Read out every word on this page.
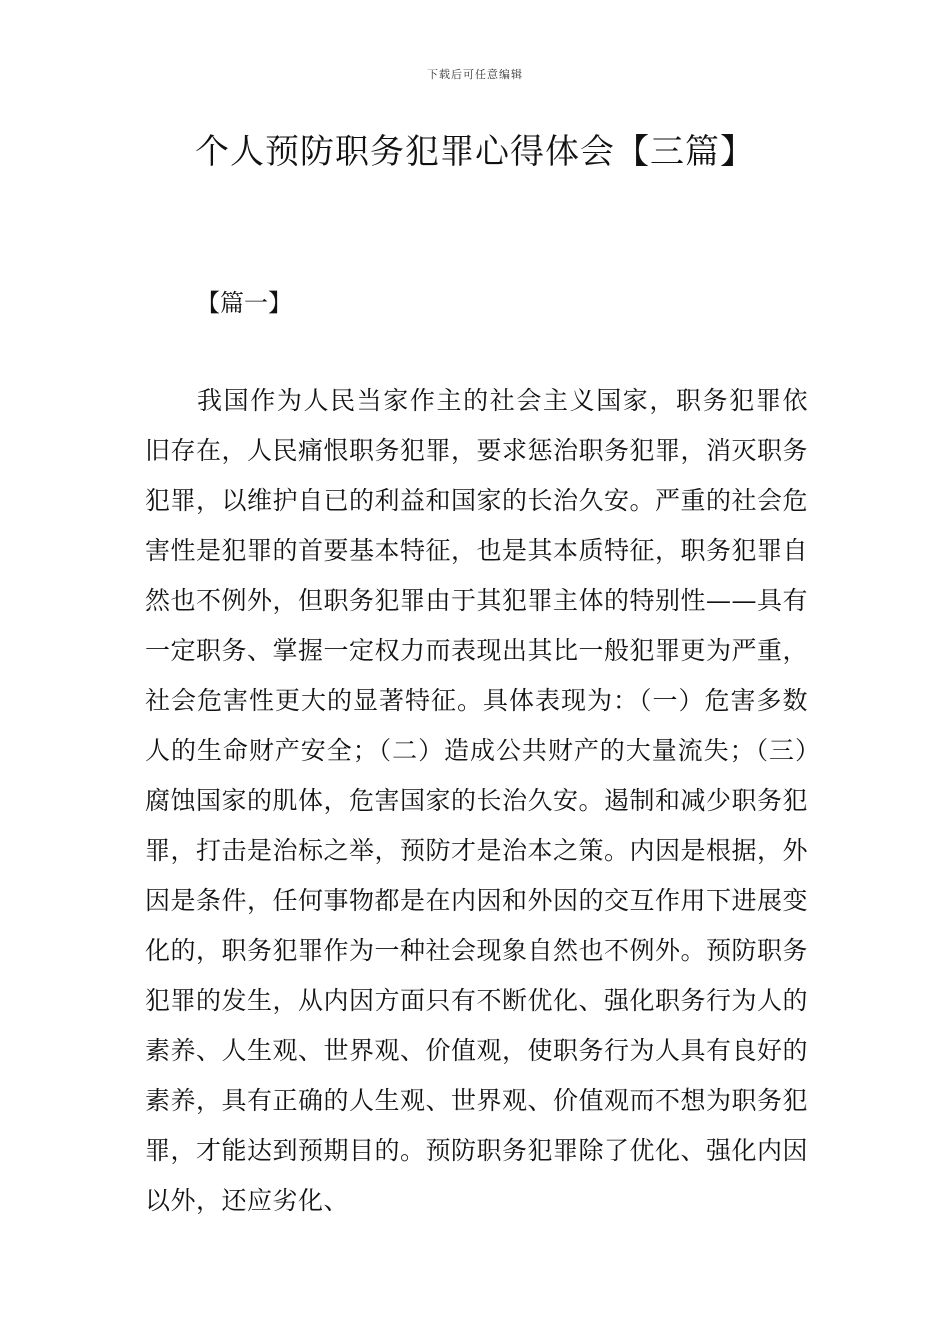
下载后可任意编辑
个人预防职务犯罪心得体会【三篇】
【篇一】

我国作为人民当家作主的社会主义国家，职务犯罪依旧存在，人民痛恨职务犯罪，要求惩治职务犯罪，消灭职务犯罪，以维护自已的利益和国家的长治久安。严重的社会危害性是犯罪的首要基本特征，也是其本质特征，职务犯罪自然也不例外，但职务犯罪由于其犯罪主体的特别性——具有一定职务、掌握一定权力而表现出其比一般犯罪更为严重，社会危害性更大的显著特征。具体表现为：（一）危害多数人的生命财产安全；（二）造成公共财产的大量流失；（三）腐蚀国家的肌体，危害国家的长治久安。遏制和减少职务犯罪，打击是治标之举，预防才是治本之策。内因是根据，外因是条件，任何事物都是在内因和外因的交互作用下进展变化的，职务犯罪作为一种社会现象自然也不例外。预防职务犯罪的发生，从内因方面只有不断优化、强化职务行为人的素养、人生观、世界观、价值观，使职务行为人具有良好的素养，具有正确的人生观、世界观、价值观而不想为职务犯罪，才能达到预期目的。预防职务犯罪除了优化、强化内因以外，还应劣化、
